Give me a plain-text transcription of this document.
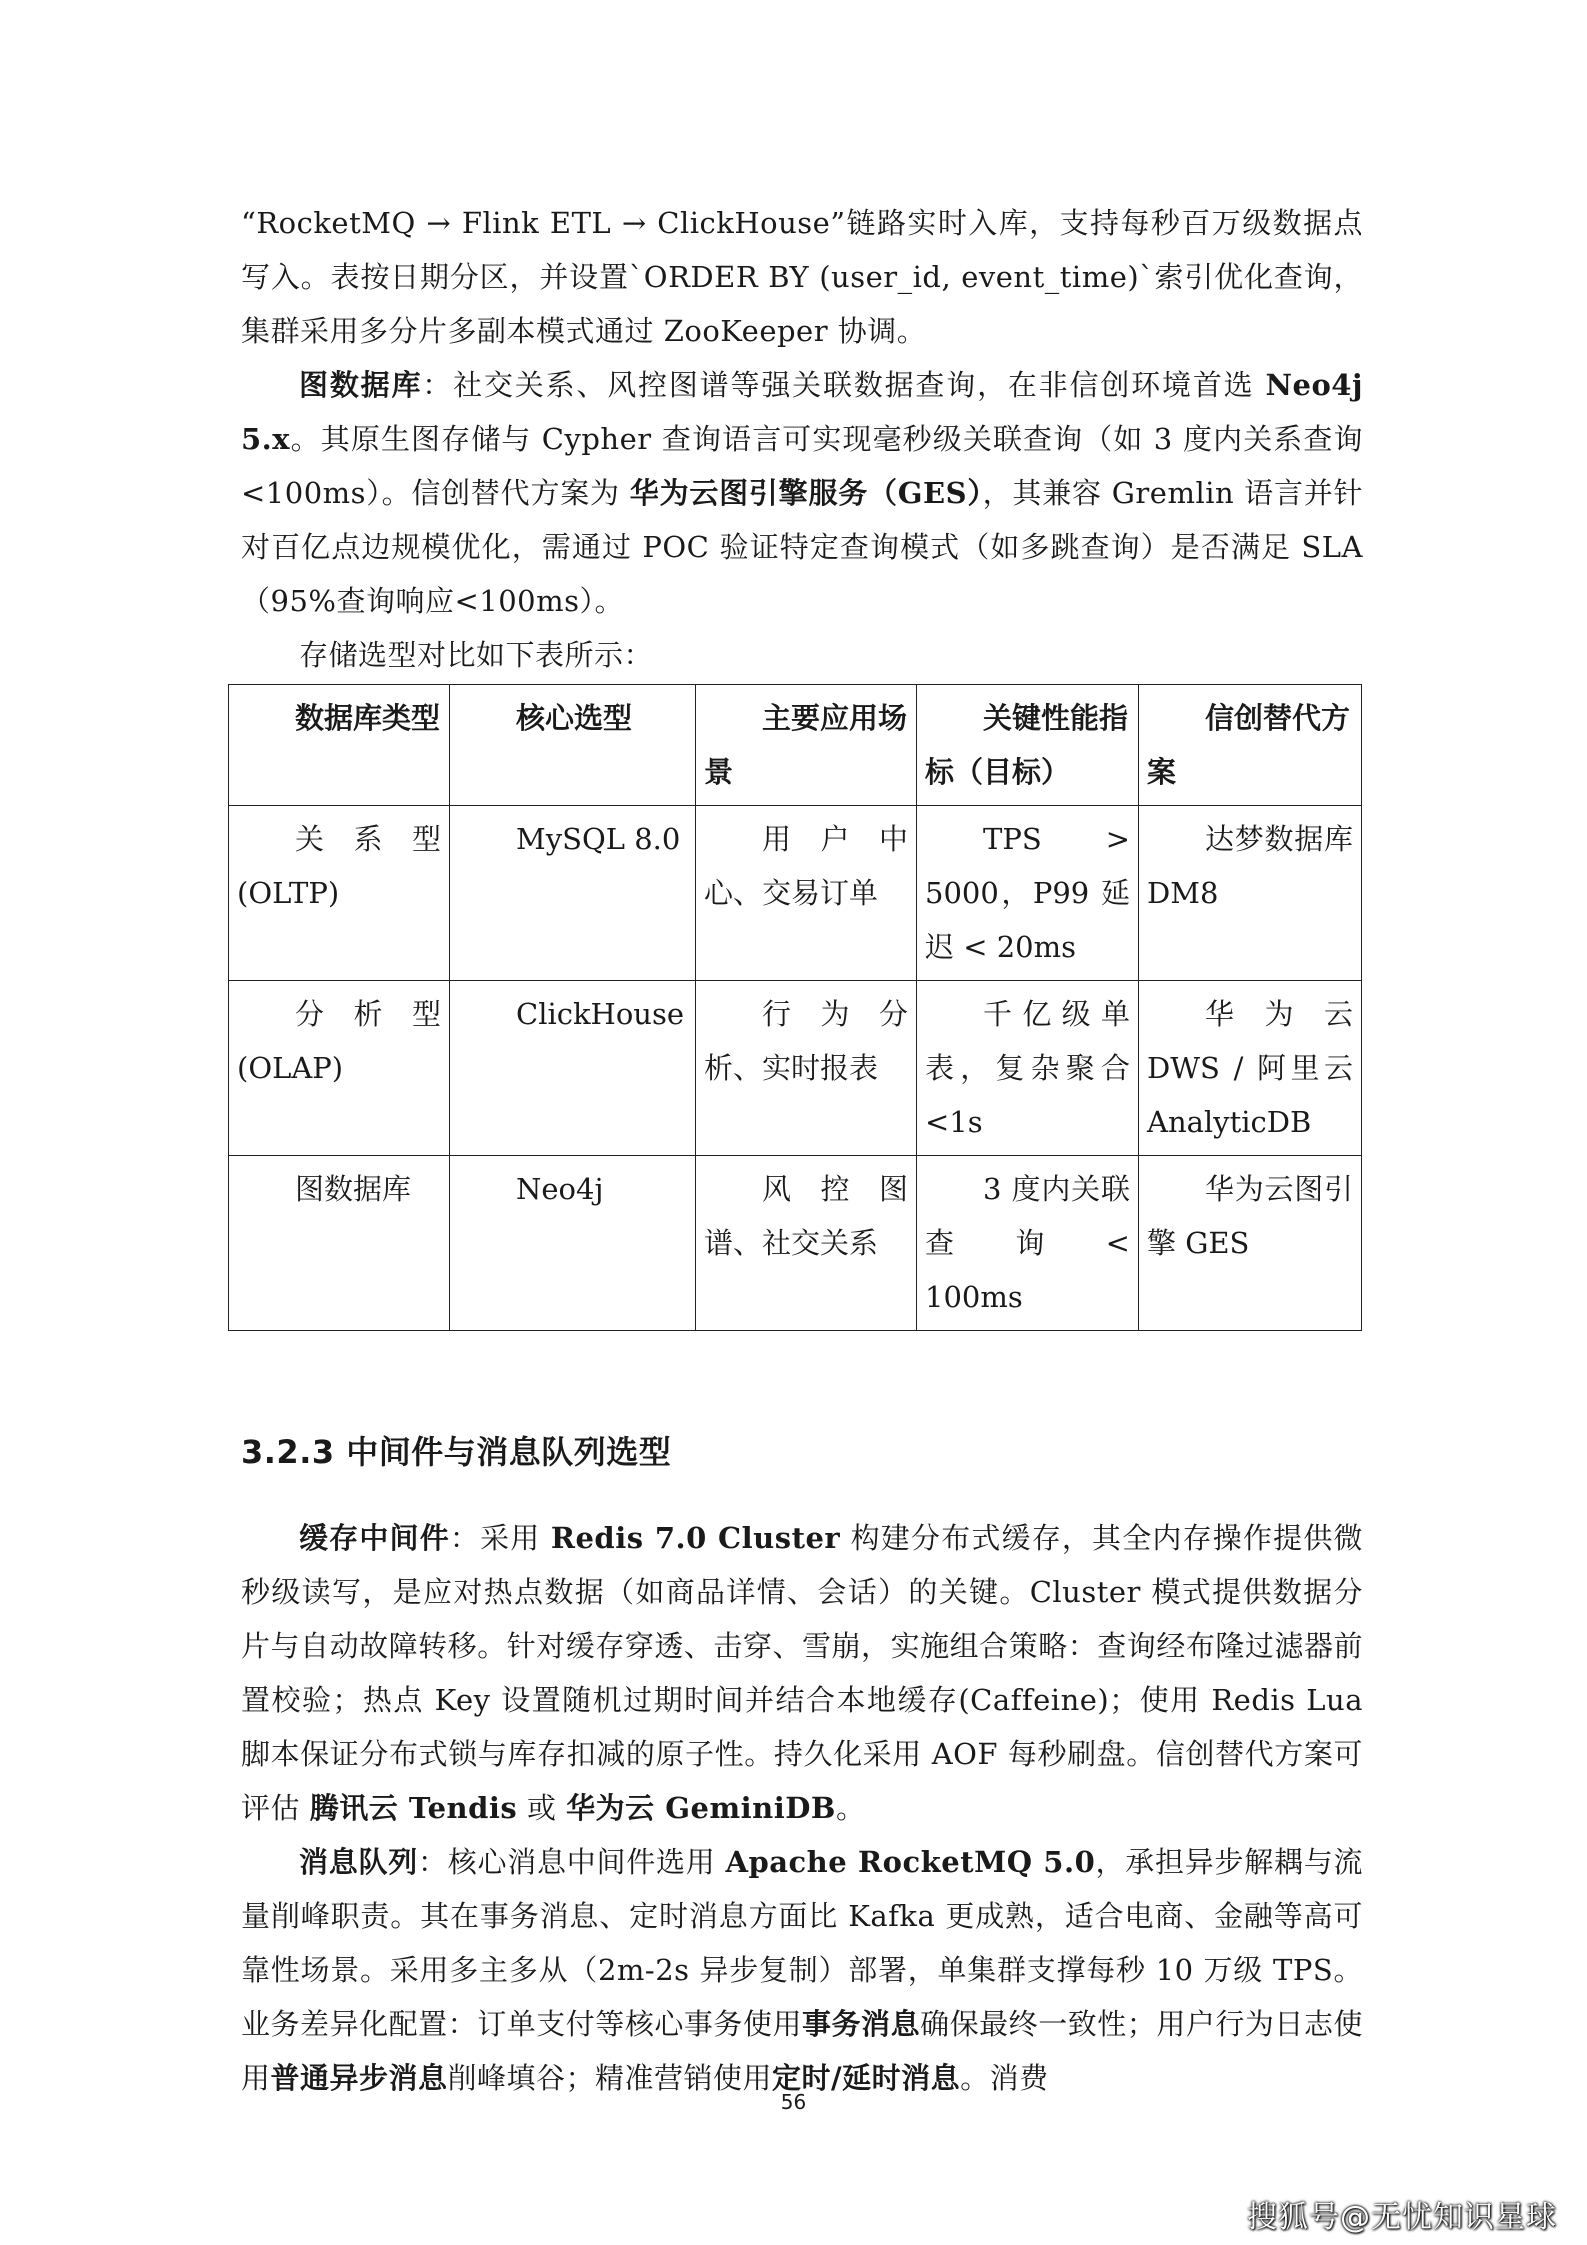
“RocketMQ → Flink ETL → ClickHouse”链路实时入库，支持每秒百万级数据点写入。表按日期分区，并设置`ORDER BY (user_id, event_time)`索引优化查询，集群采用多分片多副本模式通过 ZooKeeper 协调。

图数据库：社交关系、风控图谱等强关联数据查询，在非信创环境首选 Neo4j 5.x。其原生图存储与 Cypher 查询语言可实现毫秒级关联查询（如 3 度内关系查询<100ms）。信创替代方案为 华为云图引擎服务（GES），其兼容 Gremlin 语言并针对百亿点边规模优化，需通过 POC 验证特定查询模式（如多跳查询）是否满足 SLA（95%查询响应<100ms）。

存储选型对比如下表所示：

数据库类型	核心选型	主要应用场景	关键性能指标（目标）	信创替代方案
关 系 型 (OLTP)	MySQL 8.0	用 户 中心、交易订单	TPS > 5000，P99 延迟 < 20ms	达梦数据库 DM8
分 析 型 (OLAP)	ClickHouse	行 为 分析、实时报表	千亿级单表，复杂聚合 <1s	华 为 云 DWS / 阿里云 AnalyticDB
图数据库	Neo4j	风 控 图谱、社交关系	3 度内关联 查 询 < 100ms	华为云图引擎 GES
3.2.3 中间件与消息队列选型

缓存中间件：采用 Redis 7.0 Cluster 构建分布式缓存，其全内存操作提供微秒级读写，是应对热点数据（如商品详情、会话）的关键。Cluster 模式提供数据分片与自动故障转移。针对缓存穿透、击穿、雪崩，实施组合策略：查询经布隆过滤器前置校验；热点 Key 设置随机过期时间并结合本地缓存(Caffeine)；使用 Redis Lua 脚本保证分布式锁与库存扣减的原子性。持久化采用 AOF 每秒刷盘。信创替代方案可评估 腾讯云 Tendis 或 华为云 GeminiDB。

消息队列：核心消息中间件选用 Apache RocketMQ 5.0，承担异步解耦与流量削峰职责。其在事务消息、定时消息方面比 Kafka 更成熟，适合电商、金融等高可靠性场景。采用多主多从（2m-2s 异步复制）部署，单集群支撑每秒 10 万级 TPS。业务差异化配置：订单支付等核心事务使用事务消息确保最终一致性；用户行为日志使用普通异步消息削峰填谷；精准营销使用定时/延时消息。消费

56
搜狐号@无忧知识星球
